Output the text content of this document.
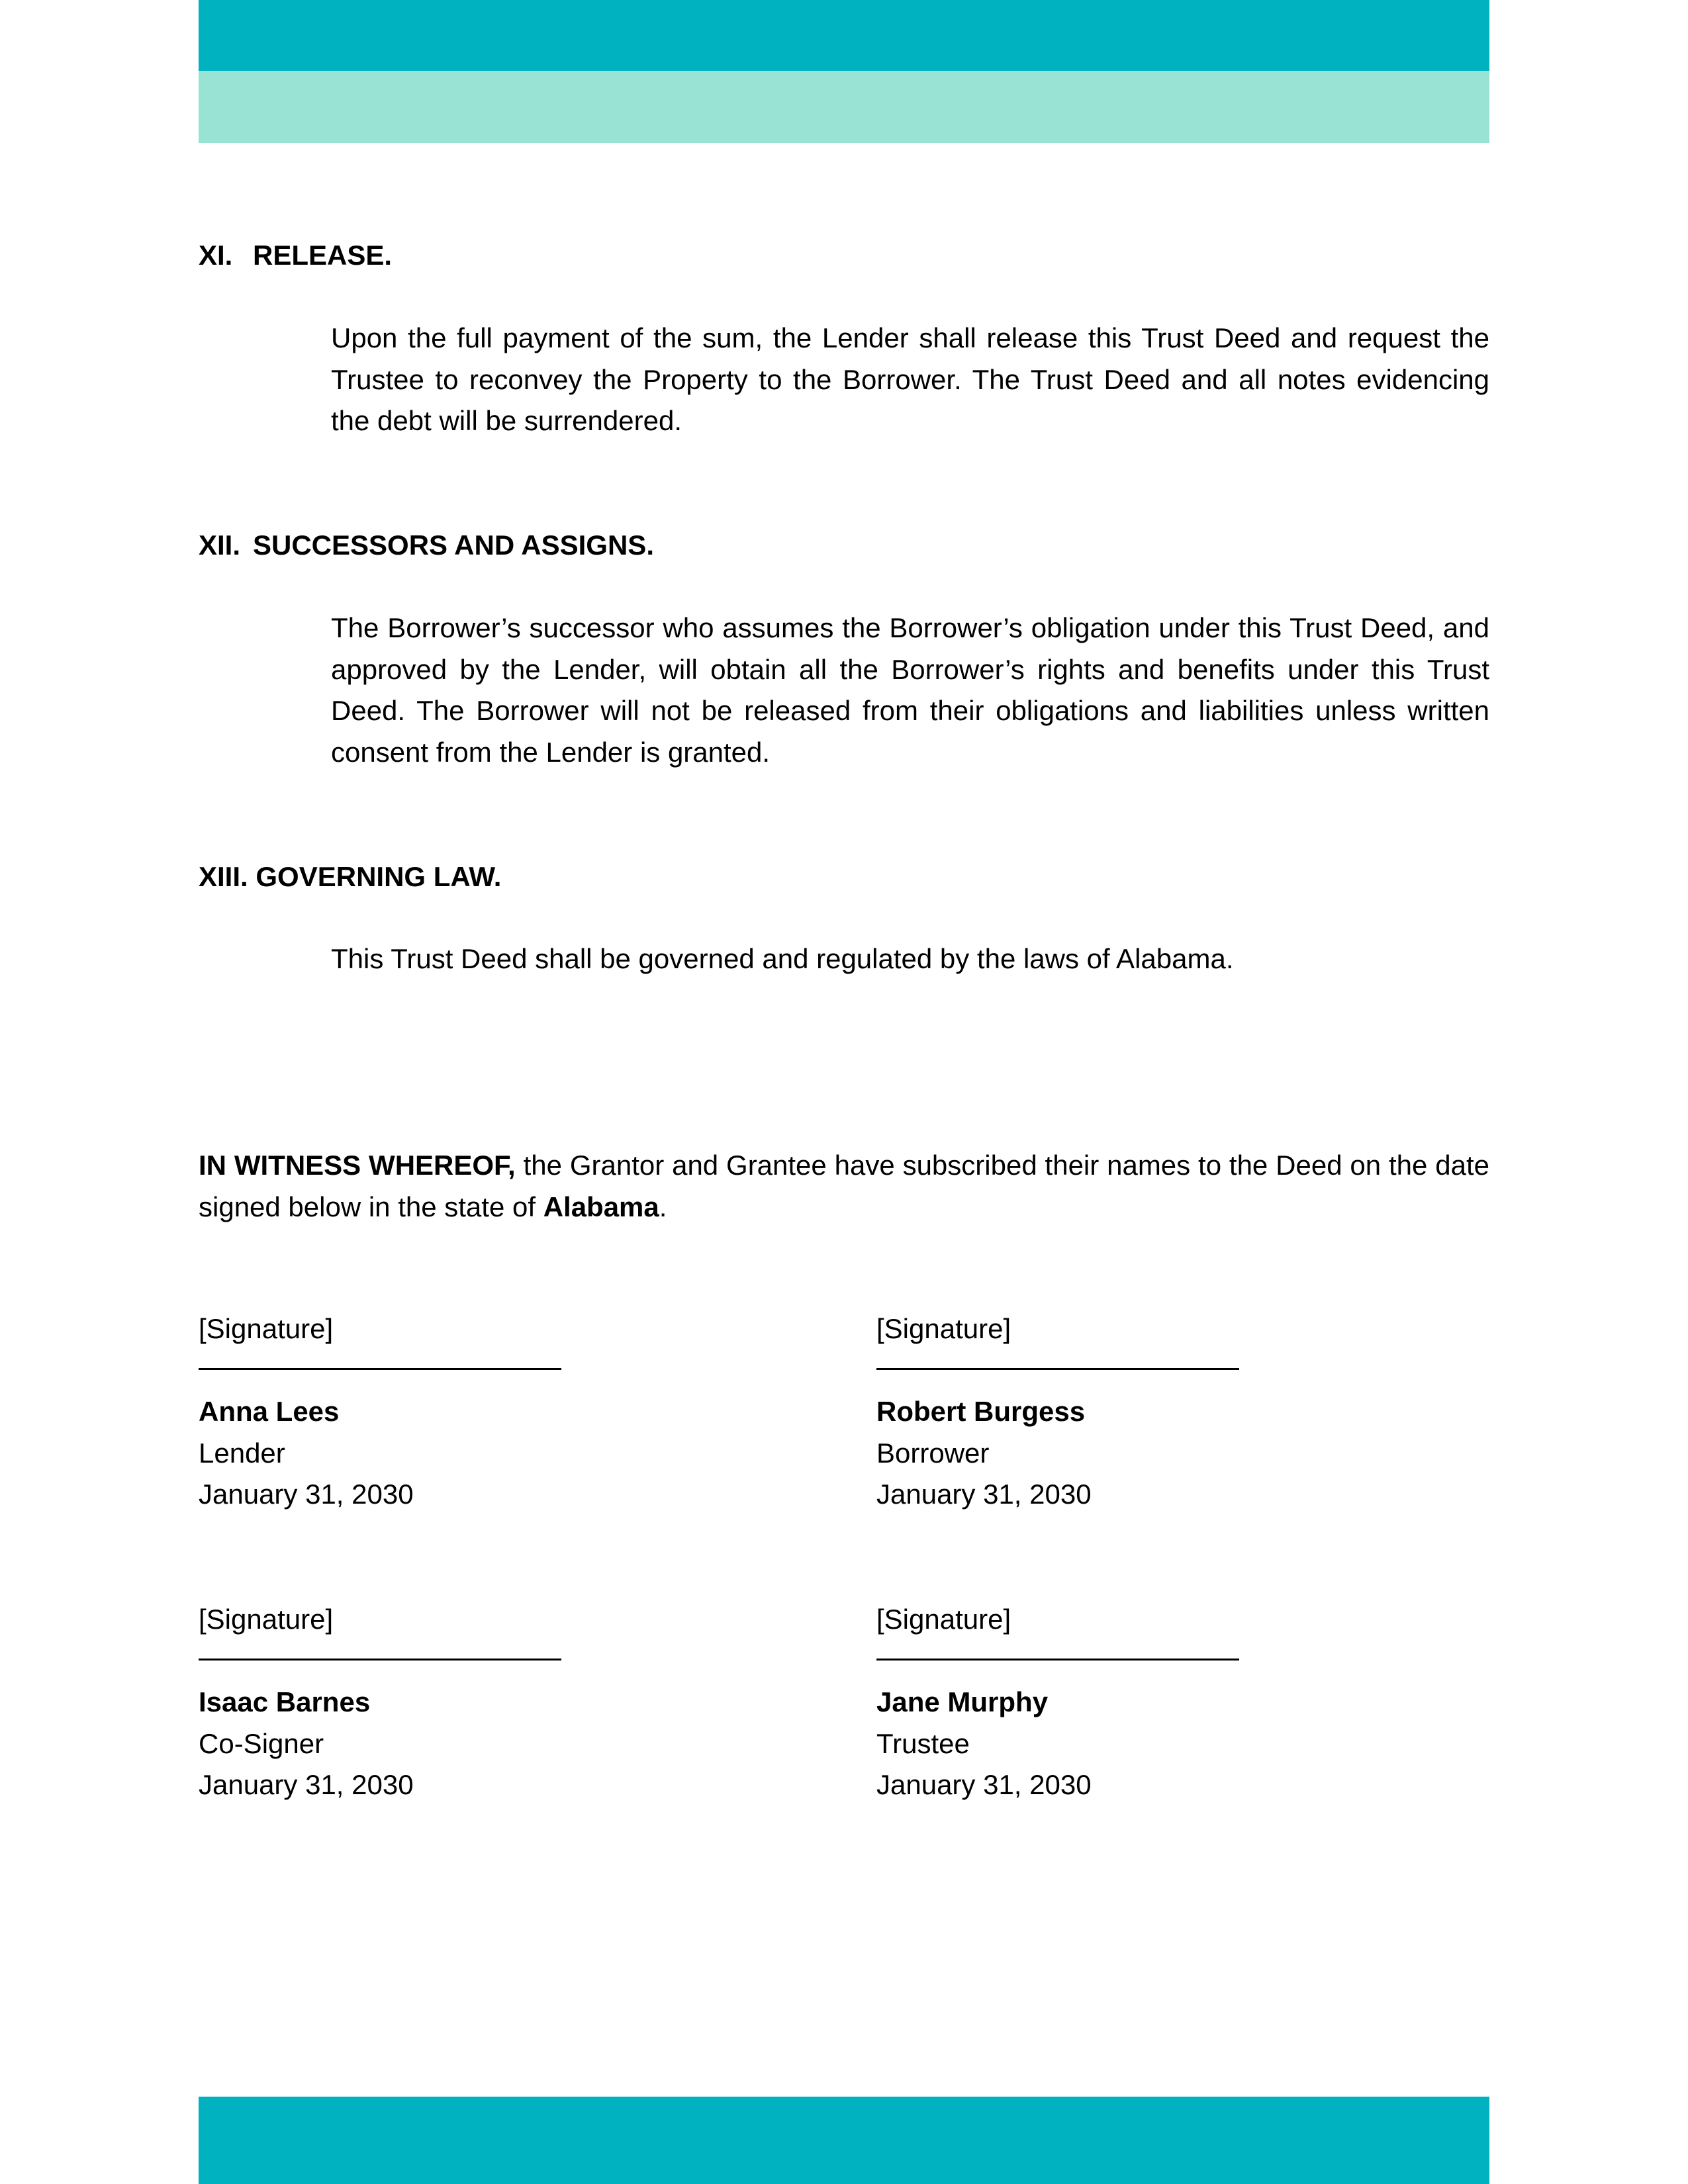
XI. RELEASE.

Upon the full payment of the sum, the Lender shall release this Trust Deed and request the Trustee to reconvey the Property to the Borrower. The Trust Deed and all notes evidencing the debt will be surrendered.

XII. SUCCESSORS AND ASSIGNS.

The Borrower’s successor who assumes the Borrower’s obligation under this Trust Deed, and approved by the Lender, will obtain all the Borrower’s rights and benefits under this Trust Deed. The Borrower will not be released from their obligations and liabilities unless written consent from the Lender is granted.

XIII. GOVERNING LAW.

This Trust Deed shall be governed and regulated by the laws of Alabama.

IN WITNESS WHEREOF, the Grantor and Grantee have subscribed their names to the Deed on the date signed below in the state of Alabama.

[Signature]
Anna Lees
Lender
January 31, 2030
[Signature]
Robert Burgess
Borrower
January 31, 2030
[Signature]
Isaac Barnes
Co-Signer
January 31, 2030
[Signature]
Jane Murphy
Trustee
January 31, 2030
